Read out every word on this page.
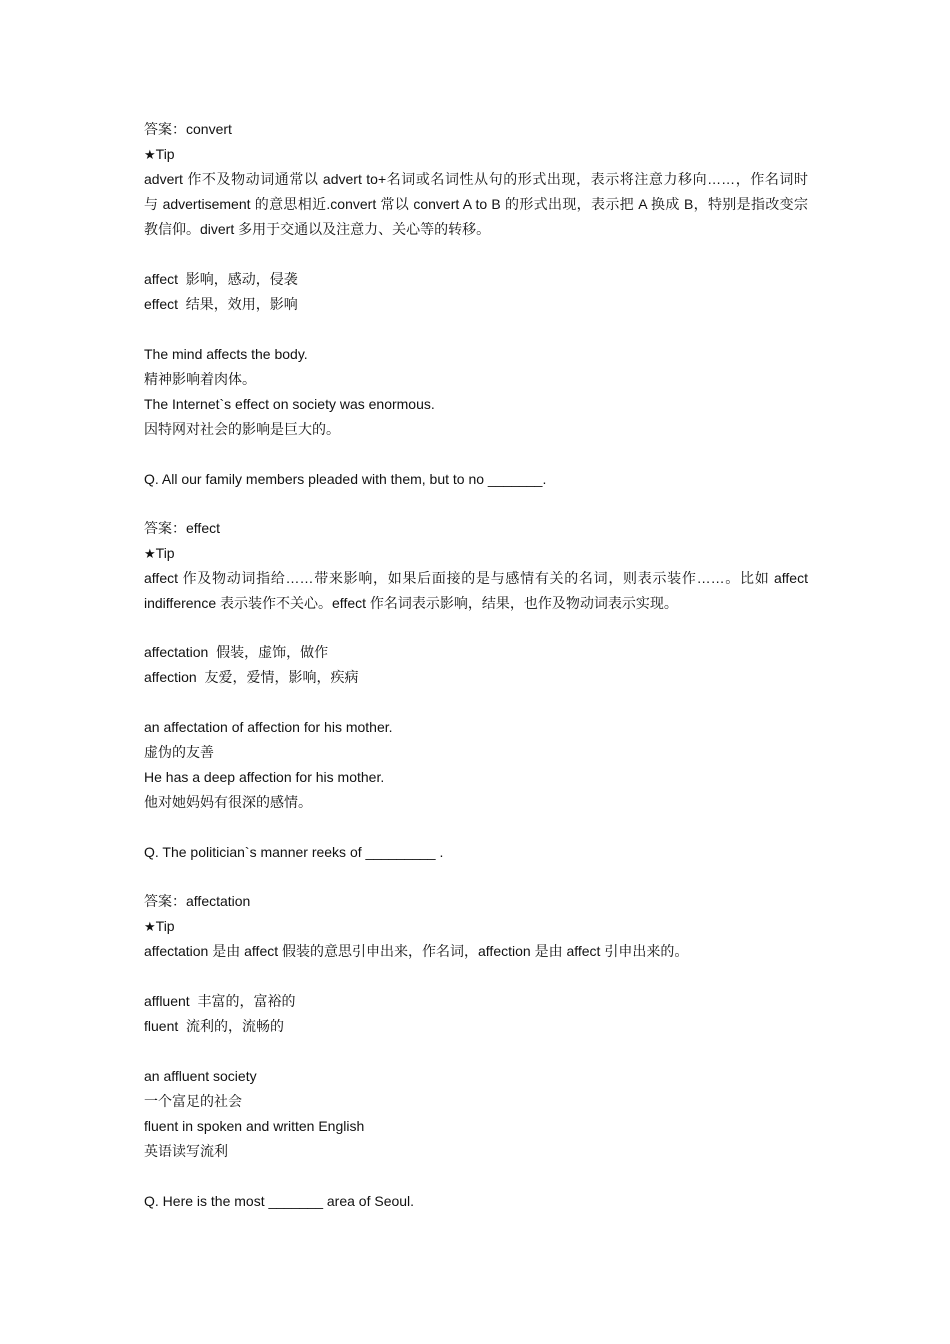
答案：convert
★Tip
advert 作不及物动词通常以 advert to+名词或名词性从句的形式出现，表示将注意力移向……，作名词时
与 advertisement 的意思相近.convert 常以 convert A to B 的形式出现，表示把 A 换成 B，特别是指改变宗
教信仰。divert 多用于交通以及注意力、关心等的转移。
affect 影响，感动，侵袭
effect 结果，效用，影响
The mind affects the body.
精神影响着肉体。
The Internet`s effect on society was enormous.
因特网对社会的影响是巨大的。
Q. All our family members pleaded with them, but to no _______.
答案：effect
★Tip
affect 作及物动词指给……带来影响，如果后面接的是与感情有关的名词，则表示装作……。比如 affect
indifference 表示装作不关心。effect 作名词表示影响，结果，也作及物动词表示实现。
affectation 假装，虚饰，做作
affection 友爱，爱情，影响，疾病
an affectation of affection for his mother.
虚伪的友善
He has a deep affection for his mother.
他对她妈妈有很深的感情。
Q. The politician`s manner reeks of _________ .
答案：affectation
★Tip
affectation 是由 affect 假装的意思引申出来，作名词，affection 是由 affect 引申出来的。
affluent 丰富的，富裕的
fluent 流利的，流畅的
an affluent society
一个富足的社会
fluent in spoken and written English
英语读写流利
Q. Here is the most _______ area of Seoul.
